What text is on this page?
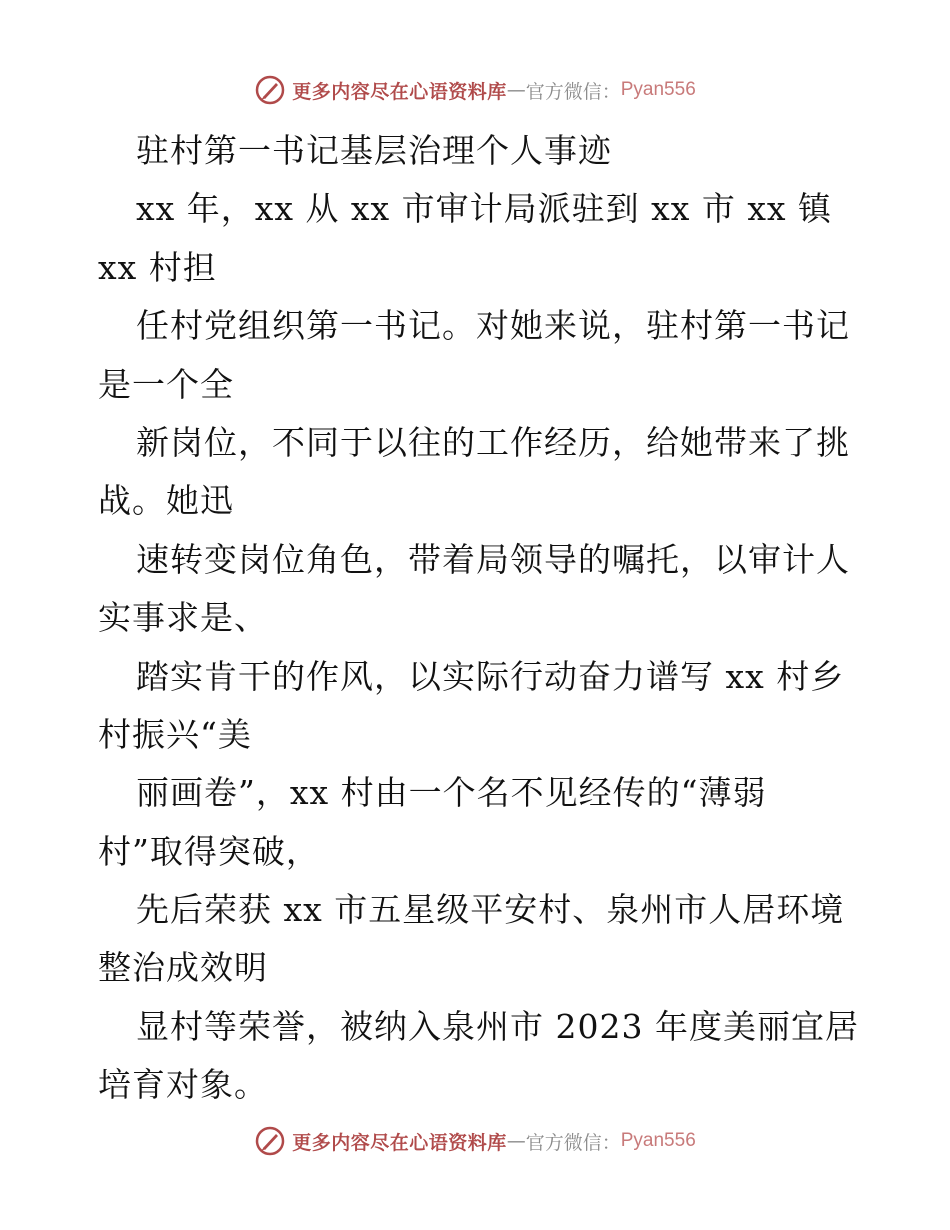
更多内容尽在心语资料库 — 官方微信： Pyan556
驻村第一书记基层治理个人事迹
xx 年，xx 从 xx 市审计局派驻到 xx 市 xx 镇
xx 村担
任村党组织第一书记。对她来说，驻村第一书记
是一个全
新岗位，不同于以往的工作经历，给她带来了挑
战。她迅
速转变岗位角色，带着局领导的嘱托，以审计人
实事求是、
踏实肯干的作风，以实际行动奋力谱写 xx 村乡
村振兴“美
丽画卷”，xx 村由一个名不见经传的“薄弱
村”取得突破，
先后荣获 xx 市五星级平安村、泉州市人居环境
整治成效明
显村等荣誉，被纳入泉州市 2023 年度美丽宜居
培育对象。
更多内容尽在心语资料库 — 官方微信： Pyan556
